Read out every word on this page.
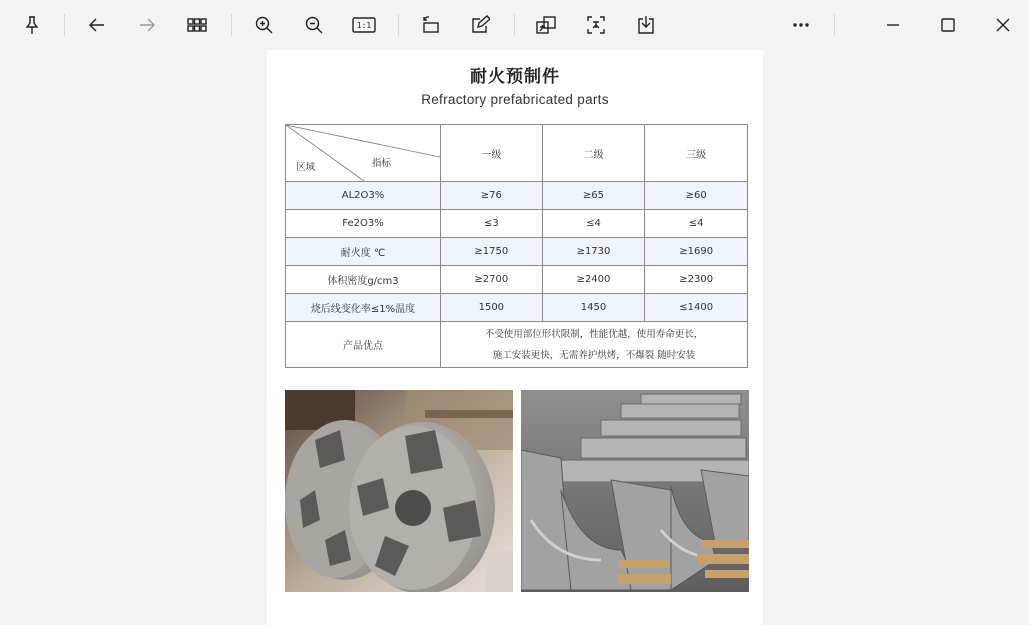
1:1
耐火预制件
Refractory prefabricated parts
区域 指标	一级	二级	三级
AL2O3%	≥76	≥65	≥60
Fe2O3%	≤3	≤4	≤4
耐火度 ℃	≥1750	≥1730	≥1690
体积密度g/cm3	≥2700	≥2400	≥2300
烧后线变化率≤1%温度	1500	1450	≤1400
产品优点	不受使用部位形状限制，性能优越，使用寿命更长，
施工安装更快，无需养护烘烤，不爆裂 随时安装		
